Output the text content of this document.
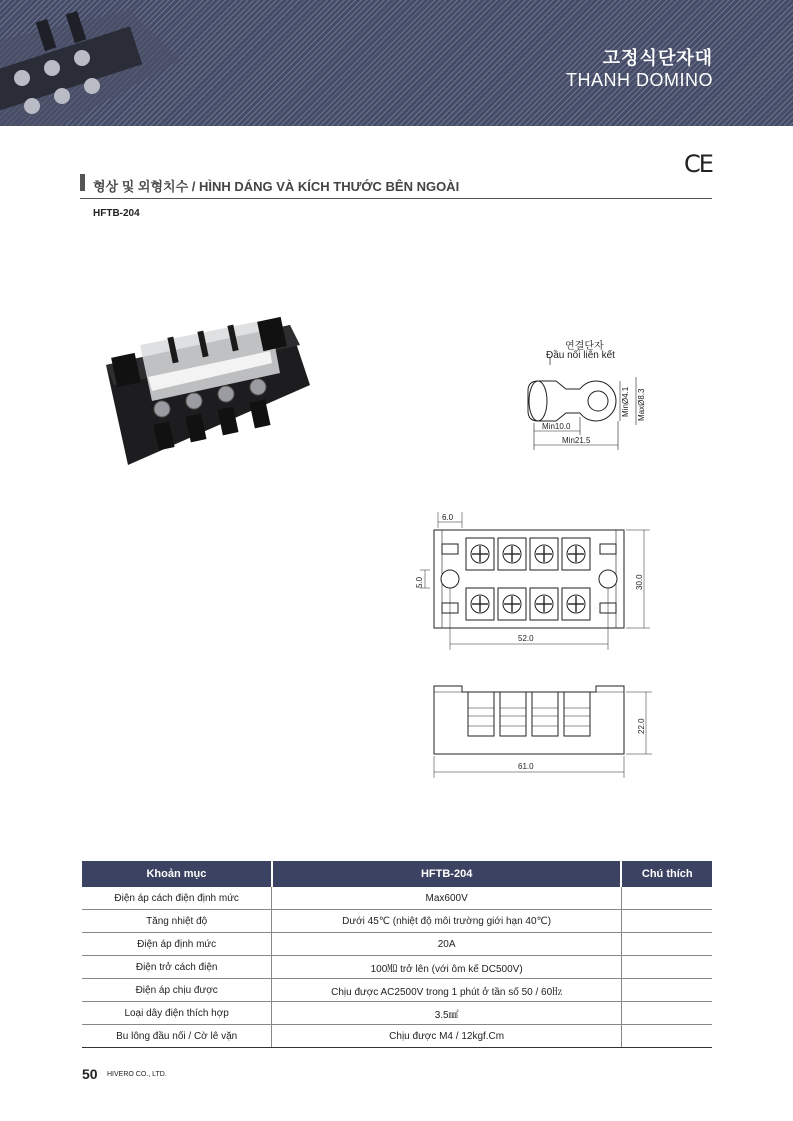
고정식단자대
THANH DOMINO
CE
형상 및 외형치수 / HÌNH DÁNG VÀ KÍCH THƯỚC BÊN NGOÀI
HFTB-204
연결단자
Đầu nối liên kết
Min10.0
Min21.5
MinØ4.1 MaxØ8.3
6.0
5.0	30.0
52.0
22.0
61.0
Khoản mục	HFTB-204	Chú thích
Điện áp cách điện định mức	Max600V	
Tăng nhiệt độ	Dưới 45℃ (nhiệt độ môi trường giới hạn 40℃)	
Điện áp định mức	20A	
Điện trở cách điện	100㏁ trở lên (với ôm kế DC500V)	
Điện áp chịu được	Chịu được AC2500V trong 1 phút ở tần số 50 / 60㎐	
Loại dây điện thích hợp	3.5㎟	
Bu lông đầu nối / Cờ lê vặn	Chịu được M4 / 12kgf.Cm	
50 HIVERO CO., LTD.
